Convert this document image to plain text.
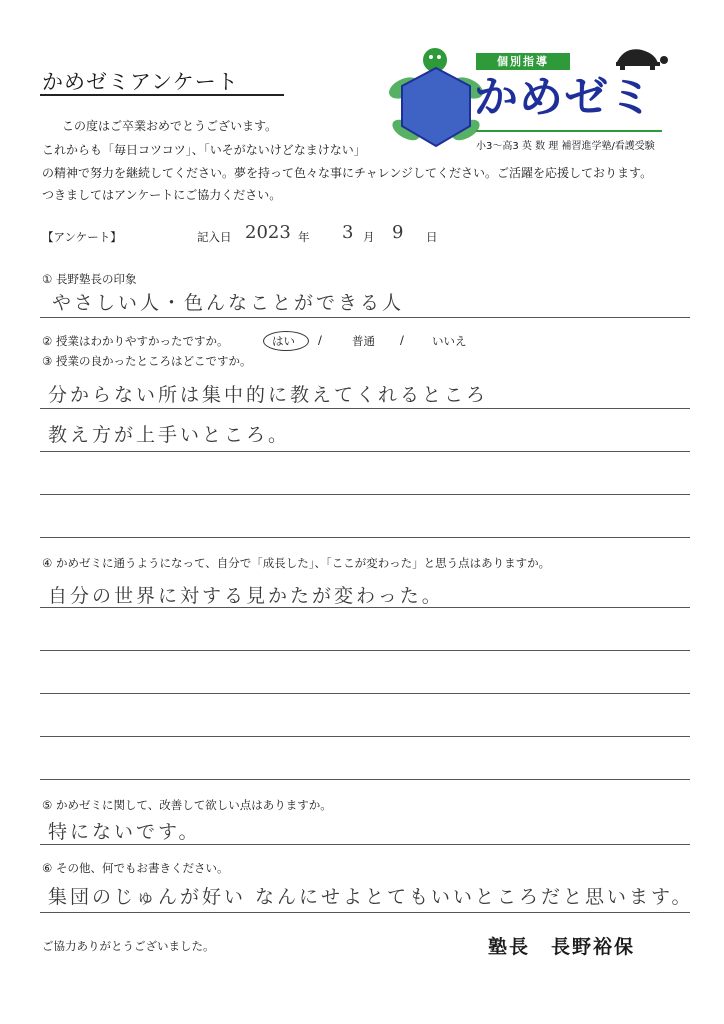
かめゼミアンケート
この度はご卒業おめでとうございます。
これからも「毎日コツコツ」、「いそがないけどなまけない」
の精神で努力を継続してください。夢を持って色々な事にチャレンジしてください。ご活躍を応援しております。
つきましてはアンケートにご協力ください。
個別指導
かめゼミ
小3～高3 英 数 理 補習進学塾/看護受験
【アンケート】	記入日 2023 年 3 月 9 日
① 長野塾長の印象
やさしい人・色んなことができる人
② 授業はわかりやすかったですか。	はい /	普通 / いいえ
③ 授業の良かったところはどこですか。
分からない所は集中的に教えてくれるところ
教え方が上手いところ。
④ かめゼミに通うようになって、自分で「成長した」、「ここが変わった」と思う点はありますか。
自分の世界に対する見かたが変わった。
⑤ かめゼミに関して、改善して欲しい点はありますか。
特にないです。
⑥ その他、何でもお書きください。
集団のじゅんが好い なんにせよとてもいいところだと思います。
ご協力ありがとうございました。	塾長　長野裕保
